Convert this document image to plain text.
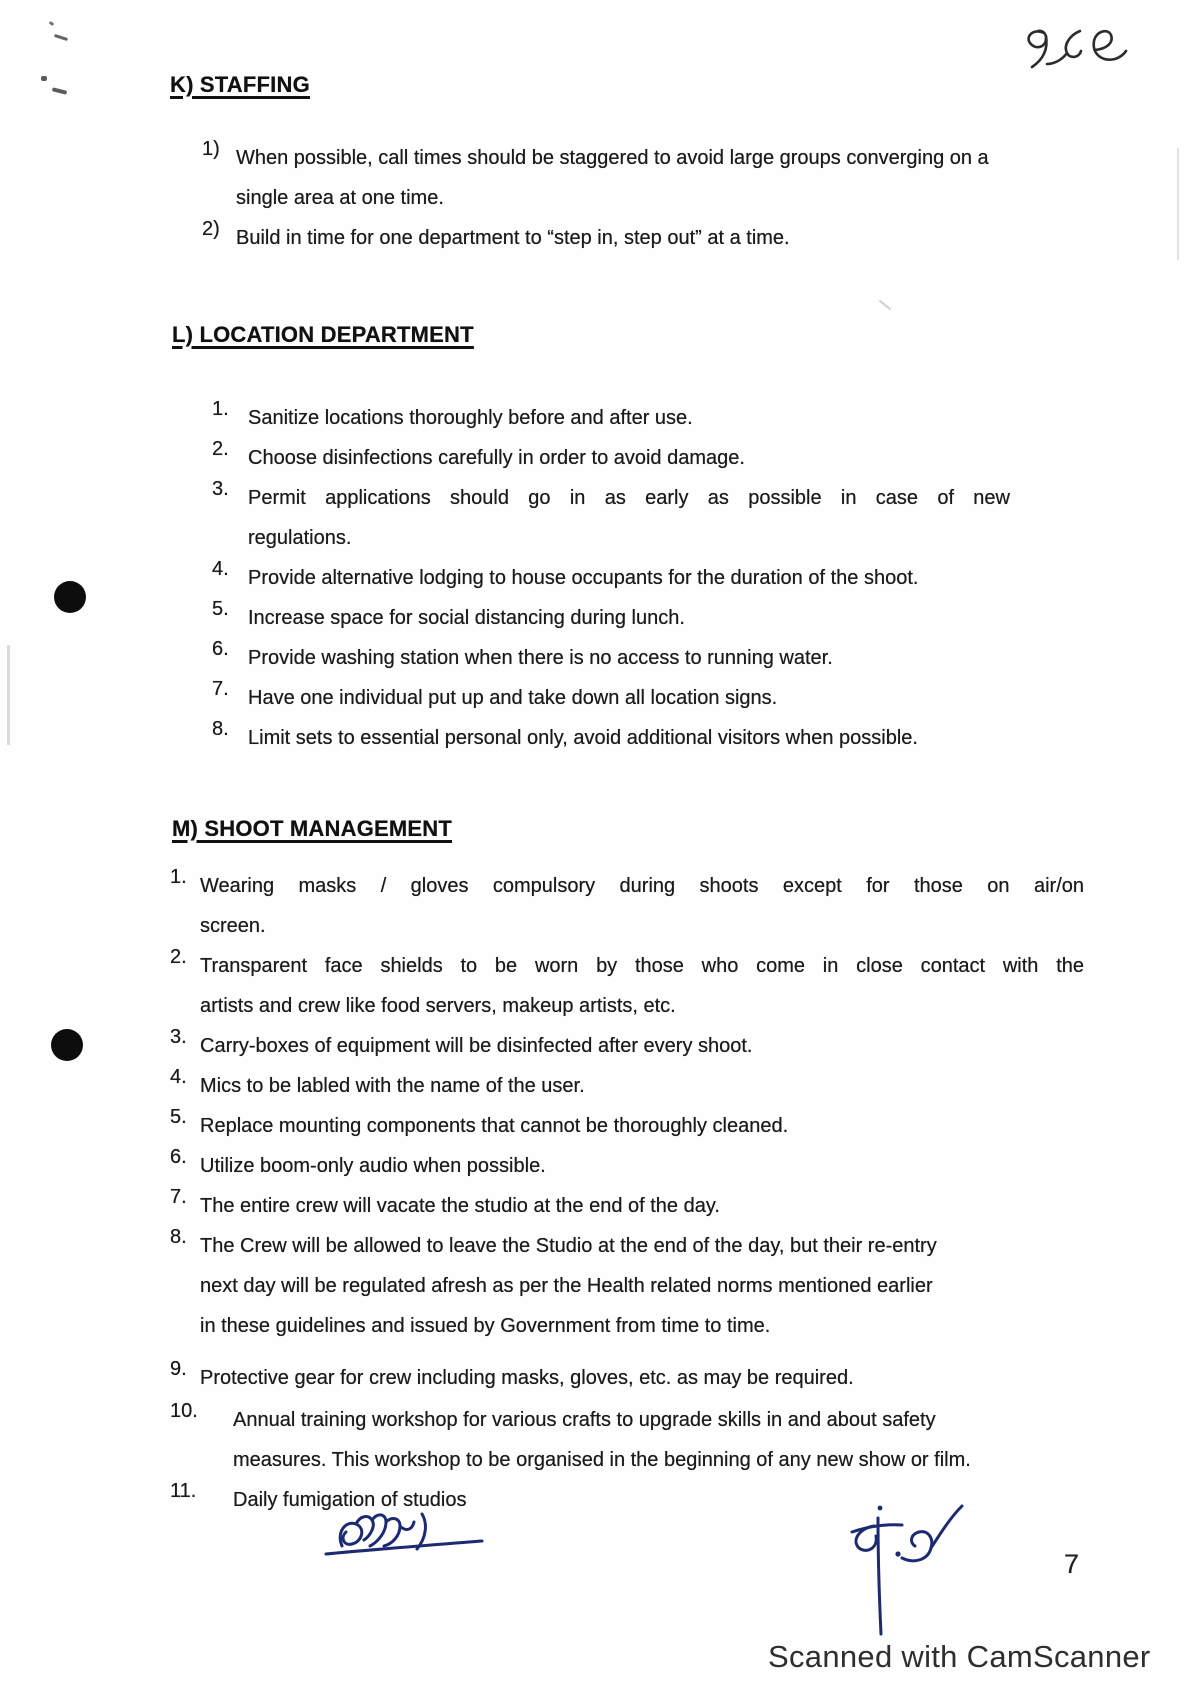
K) STAFFING
L) LOCATION DEPARTMENT
M) SHOOT MANAGEMENT
1) When possible, call times should be staggered to avoid large groups converging on a
single area at one time.
2) Build in time for one department to “step in, step out” at a time.
1. Sanitize locations thoroughly before and after use.
2. Choose disinfections carefully in order to avoid damage.
3. Permit applications should go in as early as possible in case of new
regulations.
4. Provide alternative lodging to house occupants for the duration of the shoot.
5. Increase space for social distancing during lunch.
6. Provide washing station when there is no access to running water.
7. Have one individual put up and take down all location signs.
8. Limit sets to essential personal only, avoid additional visitors when possible.
1. Wearing masks / gloves compulsory during shoots except for those on air/on
screen.
2. Transparent face shields to be worn by those who come in close contact with the
artists and crew like food servers, makeup artists, etc.
3. Carry-boxes of equipment will be disinfected after every shoot.
4. Mics to be labled with the name of the user.
5. Replace mounting components that cannot be thoroughly cleaned.
6. Utilize boom-only audio when possible.
7. The entire crew will vacate the studio at the end of the day.
8. The Crew will be allowed to leave the Studio at the end of the day, but their re-entry
next day will be regulated afresh as per the Health related norms mentioned earlier
in these guidelines and issued by Government from time to time.
9. Protective gear for crew including masks, gloves, etc. as may be required.
10. Annual training workshop for various crafts to upgrade skills in and about safety
measures. This workshop to be organised in the beginning of any new show or film.
11. Daily fumigation of studios
7
Scanned with CamScanner
